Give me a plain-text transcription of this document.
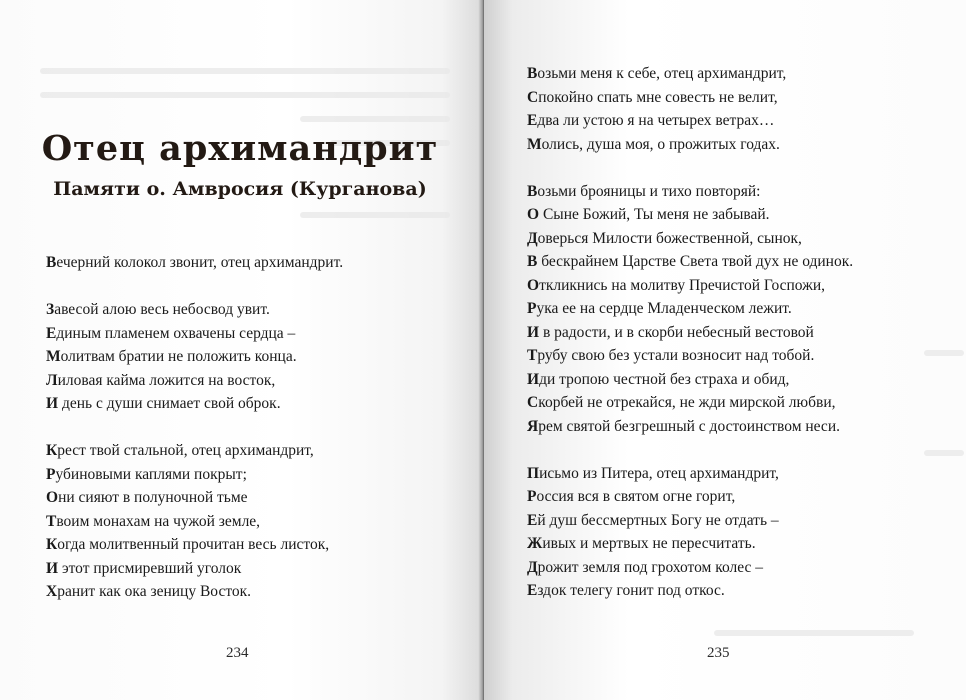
Отец архимандрит
Памяти о. Амвросия (Курганова)
Вечерний колокол звонит, отец архимандрит.
Завесой алою весь небосвод увит.
Единым пламенем охвачены сердца –
Молитвам братии не положить конца.
Лиловая кайма ложится на восток,
И день с души снимает свой оброк.
Крест твой стальной, отец архимандрит,
Рубиновыми каплями покрыт;
Они сияют в полуночной тьме
Твоим монахам на чужой земле,
Когда молитвенный прочитан весь листок,
И этот присмиревший уголок
Хранит как ока зеницу Восток.
234
Возьми меня к себе, отец архимандрит,
Спокойно спать мне совесть не велит,
Едва ли устою я на четырех ветрах…
Молись, душа моя, о прожитых годах.
Возьми брояницы и тихо повторяй:
О Сыне Божий, Ты меня не забывай.
Доверься Милости божественной, сынок,
В бескрайнем Царстве Света твой дух не одинок.
Откликнись на молитву Пречистой Госпожи,
Рука ее на сердце Младенческом лежит.
И в радости, и в скорби небесный вестовой
Трубу свою без устали возносит над тобой.
Иди тропою честной без страха и обид,
Скорбей не отрекайся, не жди мирской любви,
Ярем святой безгрешный с достоинством неси.
Письмо из Питера, отец архимандрит,
Россия вся в святом огне горит,
Ей душ бессмертных Богу не отдать –
Живых и мертвых не пересчитать.
Дрожит земля под грохотом колес –
Ездок телегу гонит под откос.
235
